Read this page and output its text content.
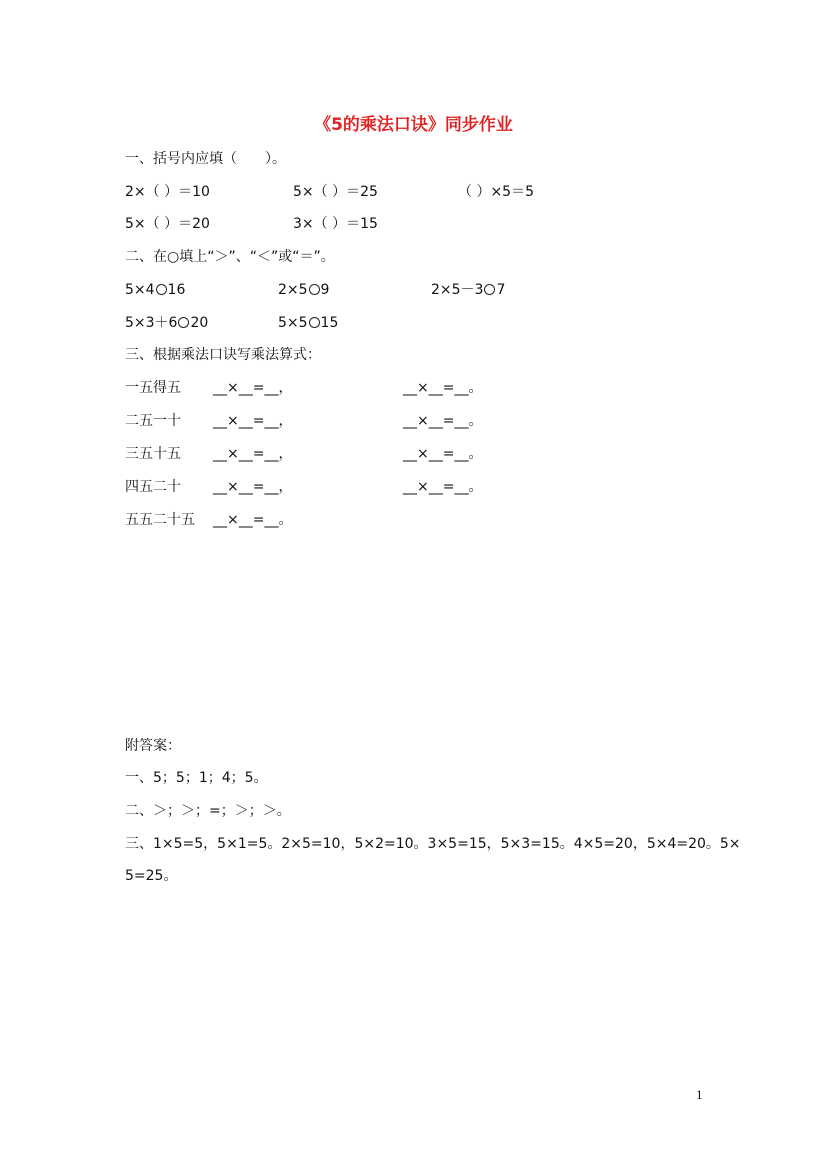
《5的乘法口诀》同步作业
一、括号内应填（　　）。
2×（ ）＝10	5×（ ）＝25	（ ）×5＝5
5×（ ）＝20	3×（ ）＝15
二、在○填上“＞”、“＜”或“＝”。
5×4 16	2×5 9	2×5－3 7
5×3＋6 20	5×5 15
三、根据乘法口诀写乘法算式：
一五得五 __×__=__，	__×__=__。
二五一十 __×__=__，	__×__=__。
三五十五 __×__=__，	__×__=__。
四五二十 __×__=__，	__×__=__。
五五二十五 __×__=__。
附答案：
一、5；5；1；4；5。
二、＞；＞；=；＞；＞。
三、1×5=5，5×1=5。2×5=10，5×2=10。3×5=15，5×3=15。4×5=20，5×4=20。5×
5=25。
1
